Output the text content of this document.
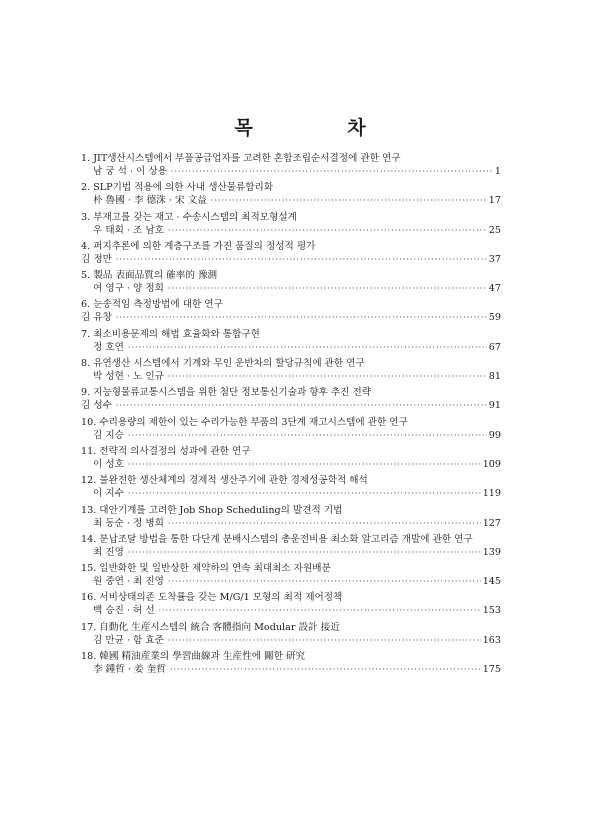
목 차
1. JIT생산시스템에서 부품공급업자를 고려한 혼합조립순서결정에 관한 연구
남 궁 석 · 이 상용 ·····	1
2. SLP기법 적용에 의한 사내 생산물류합리화
朴 魯國 · 李 德洙 · 宋 文益 ·····	17
3. 부재고를 갖는 재고 · 수송시스템의 최적모형설계
우 태희 · 조 남호 ·····	25
4. 퍼지추론에 의한 계층구조를 가진 품질의 정성적 평가
김 정만 ·····	37
5. 製品 表面品質의 確率的 豫測
여 영구 · 양 정희 ·····	47
6. 눈송적임 측정방법에 대한 연구
김 유창 ·····	59
7. 최소비용문제의 해법 효율화와 통합구현
정 호연 ·····	67
8. 유연생산 시스템에서 기계와 무인 운반차의 할당규칙에 관한 연구
박 성현 · 노 인규 ·····	81
9. 지능형물류교통시스템을 위한 첨단 정보통신기술과 향후 추진 전략
김 성수 ·····	91
10. 수리용량의 제한이 있는 수리가능한 부품의 3단계 재고시스템에 관한 연구
김 지승 ·····	99
11. 전략적 의사결정의 성과에 관한 연구
이 성호 ·····	109
12. 불완전한 생산체계의 경제적 생산주기에 관한 경제성공학적 해석
이 지수 ·····	119
13. 대안기계를 고려한 Job Shop Scheduling의 발견적 기법
최 동순 · 정 병희 ·····	127
14. 분납조달 방법을 통한 다단계 분배시스템의 총운전비용 최소화 알고리즘 개발에 관한 연구
최 진영 ·····	139
15. 일반화한 및 일반상한 제약하의 연속 최대최소 자원배분
원 중연 · 최 진영 ·····	145
16. 서비상태의존 도착률을 갖는 M/G/1 모형의 최적 제어정책
백 승진 · 허 선 ·····	153
17. 自動化 生産시스템의 統合 客體指向 Modular 設計 接近
김 만균 · 함 효준 ·····	163
18. 韓國 精油産業의 學習曲線과 生産性에 關한 研究
李 鍾哲 · 姜 奎哲 ·····	175
